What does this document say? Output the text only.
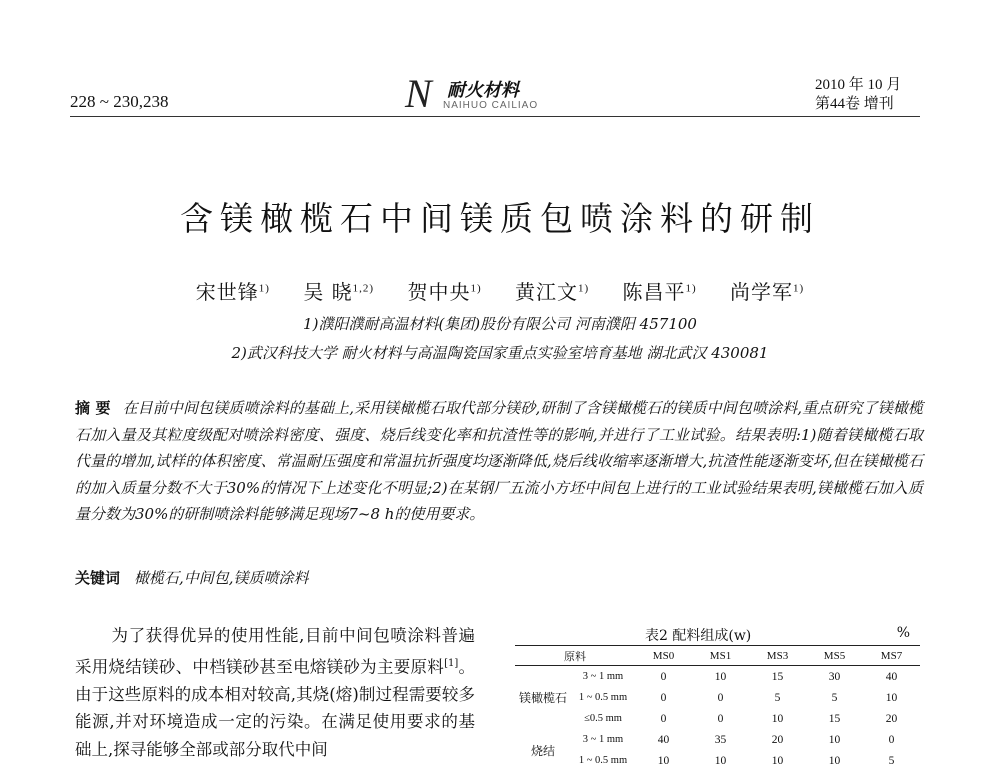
228 ~ 230,238	N 耐火材料
NAIHUO CAILIAO
2010 年 10 月
第44卷 增刊
含镁橄榄石中间镁质包喷涂料的研制
宋世锋$^{1)}$ 吴 晓$^{1,2)}$ 贺中央$^{1)}$ 黄江文$^{1)}$ 陈昌平$^{1)}$ 尚学军$^{1)}$
1)濮阳濮耐高温材料(集团)股份有限公司 河南濮阳 457100
2)武汉科技大学 耐火材料与高温陶瓷国家重点实验室培育基地 湖北武汉 430081
摘 要 在目前中间包镁质喷涂料的基础上,采用镁橄榄石取代部分镁砂,研制了含镁橄榄石的镁质中间包喷涂料,重点研究了镁橄榄石加入量及其粒度级配对喷涂料密度、强度、烧后线变化率和抗渣性等的影响,并进行了工业试验。结果表明:1)随着镁橄榄石取代量的增加,试样的体积密度、常温耐压强度和常温抗折强度均逐渐降低,烧后线收缩率逐渐增大,抗渣性能逐渐变坏,但在镁橄榄石的加入质量分数不大于30%的情况下上述变化不明显;2)在某钢厂五流小方坯中间包上进行的工业试验结果表明,镁橄榄石加入质量分数为30%的研制喷涂料能够满足现场7~8 h的使用要求。
关键词 橄榄石,中间包,镁质喷涂料
为了获得优异的使用性能,目前中间包喷涂料普遍采用烧结镁砂、中档镁砂甚至电熔镁砂为主要原料[1]。由于这些原料的成本相对较高,其烧(熔)制过程需要较多能源,并对环境造成一定的污染。在满足使用要求的基础上,探寻能够全部或部分取代中间
表2 配料组成(w)	%
原料		MS0	MS1	MS3	MS5	MS7
镁橄榄石	3 ~ 1 mm	0	10	15	30	40
	1 ~ 0.5 mm	0	0	5	5	10
	≤0.5 mm	0	0	10	15	20
烧结	3 ~ 1 mm	40	35	20	10	0
	1 ~ 0.5 mm	10	10	10	10	5
